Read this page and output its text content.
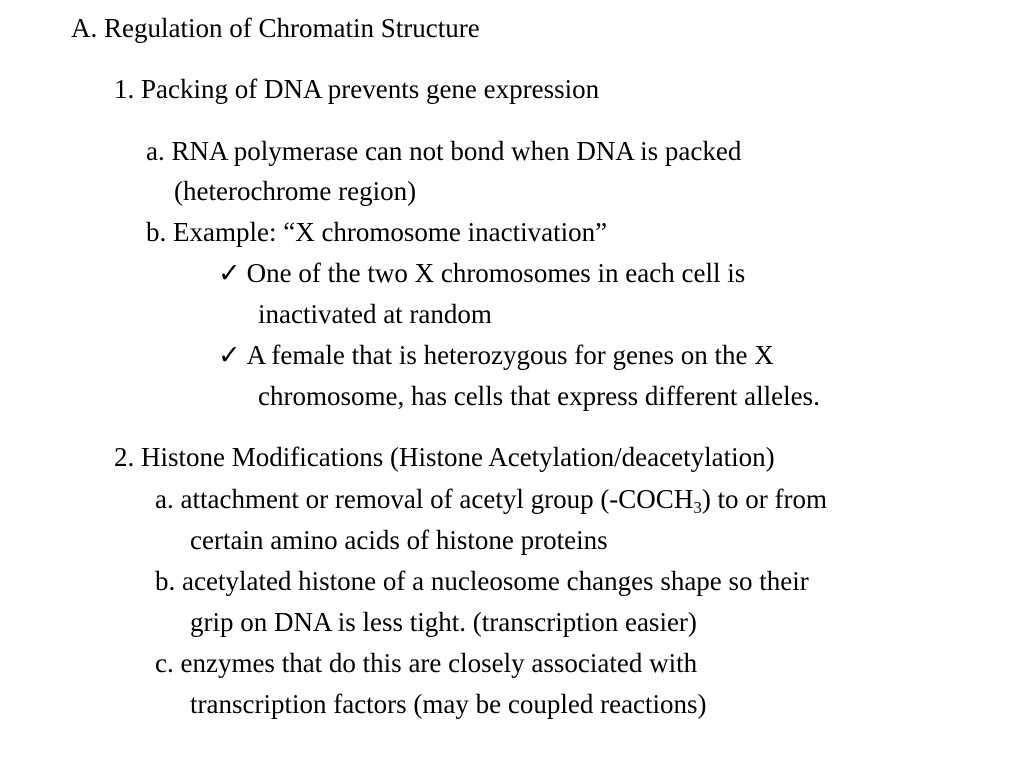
A. Regulation of Chromatin Structure
1. Packing of DNA prevents gene expression
a. RNA polymerase can not bond when DNA is packed
(heterochrome region)
b. Example: “X chromosome inactivation”
✓ One of the two X chromosomes in each cell is
inactivated at random
✓ A female that is heterozygous for genes on the X
chromosome, has cells that express different alleles.
2. Histone Modifications (Histone Acetylation/deacetylation)
a. attachment or removal of acetyl group $(-COCH_3)$ to or from
certain amino acids of histone proteins
b. acetylated histone of a nucleosome changes shape so their
grip on DNA is less tight. (transcription easier)
c. enzymes that do this are closely associated with
transcription factors (may be coupled reactions)
